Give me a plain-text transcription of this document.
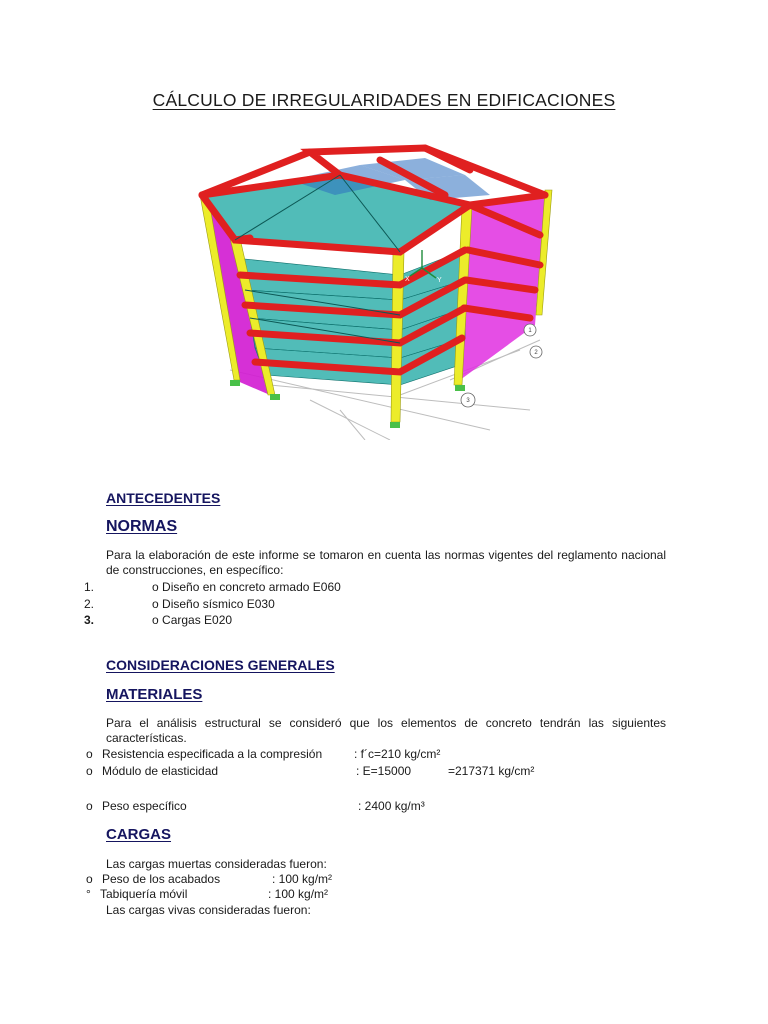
CÁLCULO DE IRREGULARIDADES EN EDIFICACIONES
Z
Y
X
1
2
3
ANTECEDENTES
NORMAS
Para la elaboración de este informe se tomaron en cuenta las normas vigentes del reglamento nacional de construcciones, en específico:
1.	o Diseño en concreto armado E060
2.	o Diseño sísmico E030
3.	o Cargas E020
CONSIDERACIONES GENERALES
MATERIALES
Para el análisis estructural se consideró que los elementos de concreto tendrán las siguientes características.
o Resistencia especificada a la compresión	: f´c=210 kg/cm²
o Módulo de elasticidad	: E=15000	=217371 kg/cm²
o Peso específico	: 2400 kg/m³
CARGAS
Las cargas muertas consideradas fueron:
o Peso de los acabados	: 100 kg/m²
° Tabiquería móvil	: 100 kg/m²
Las cargas vivas consideradas fueron:
